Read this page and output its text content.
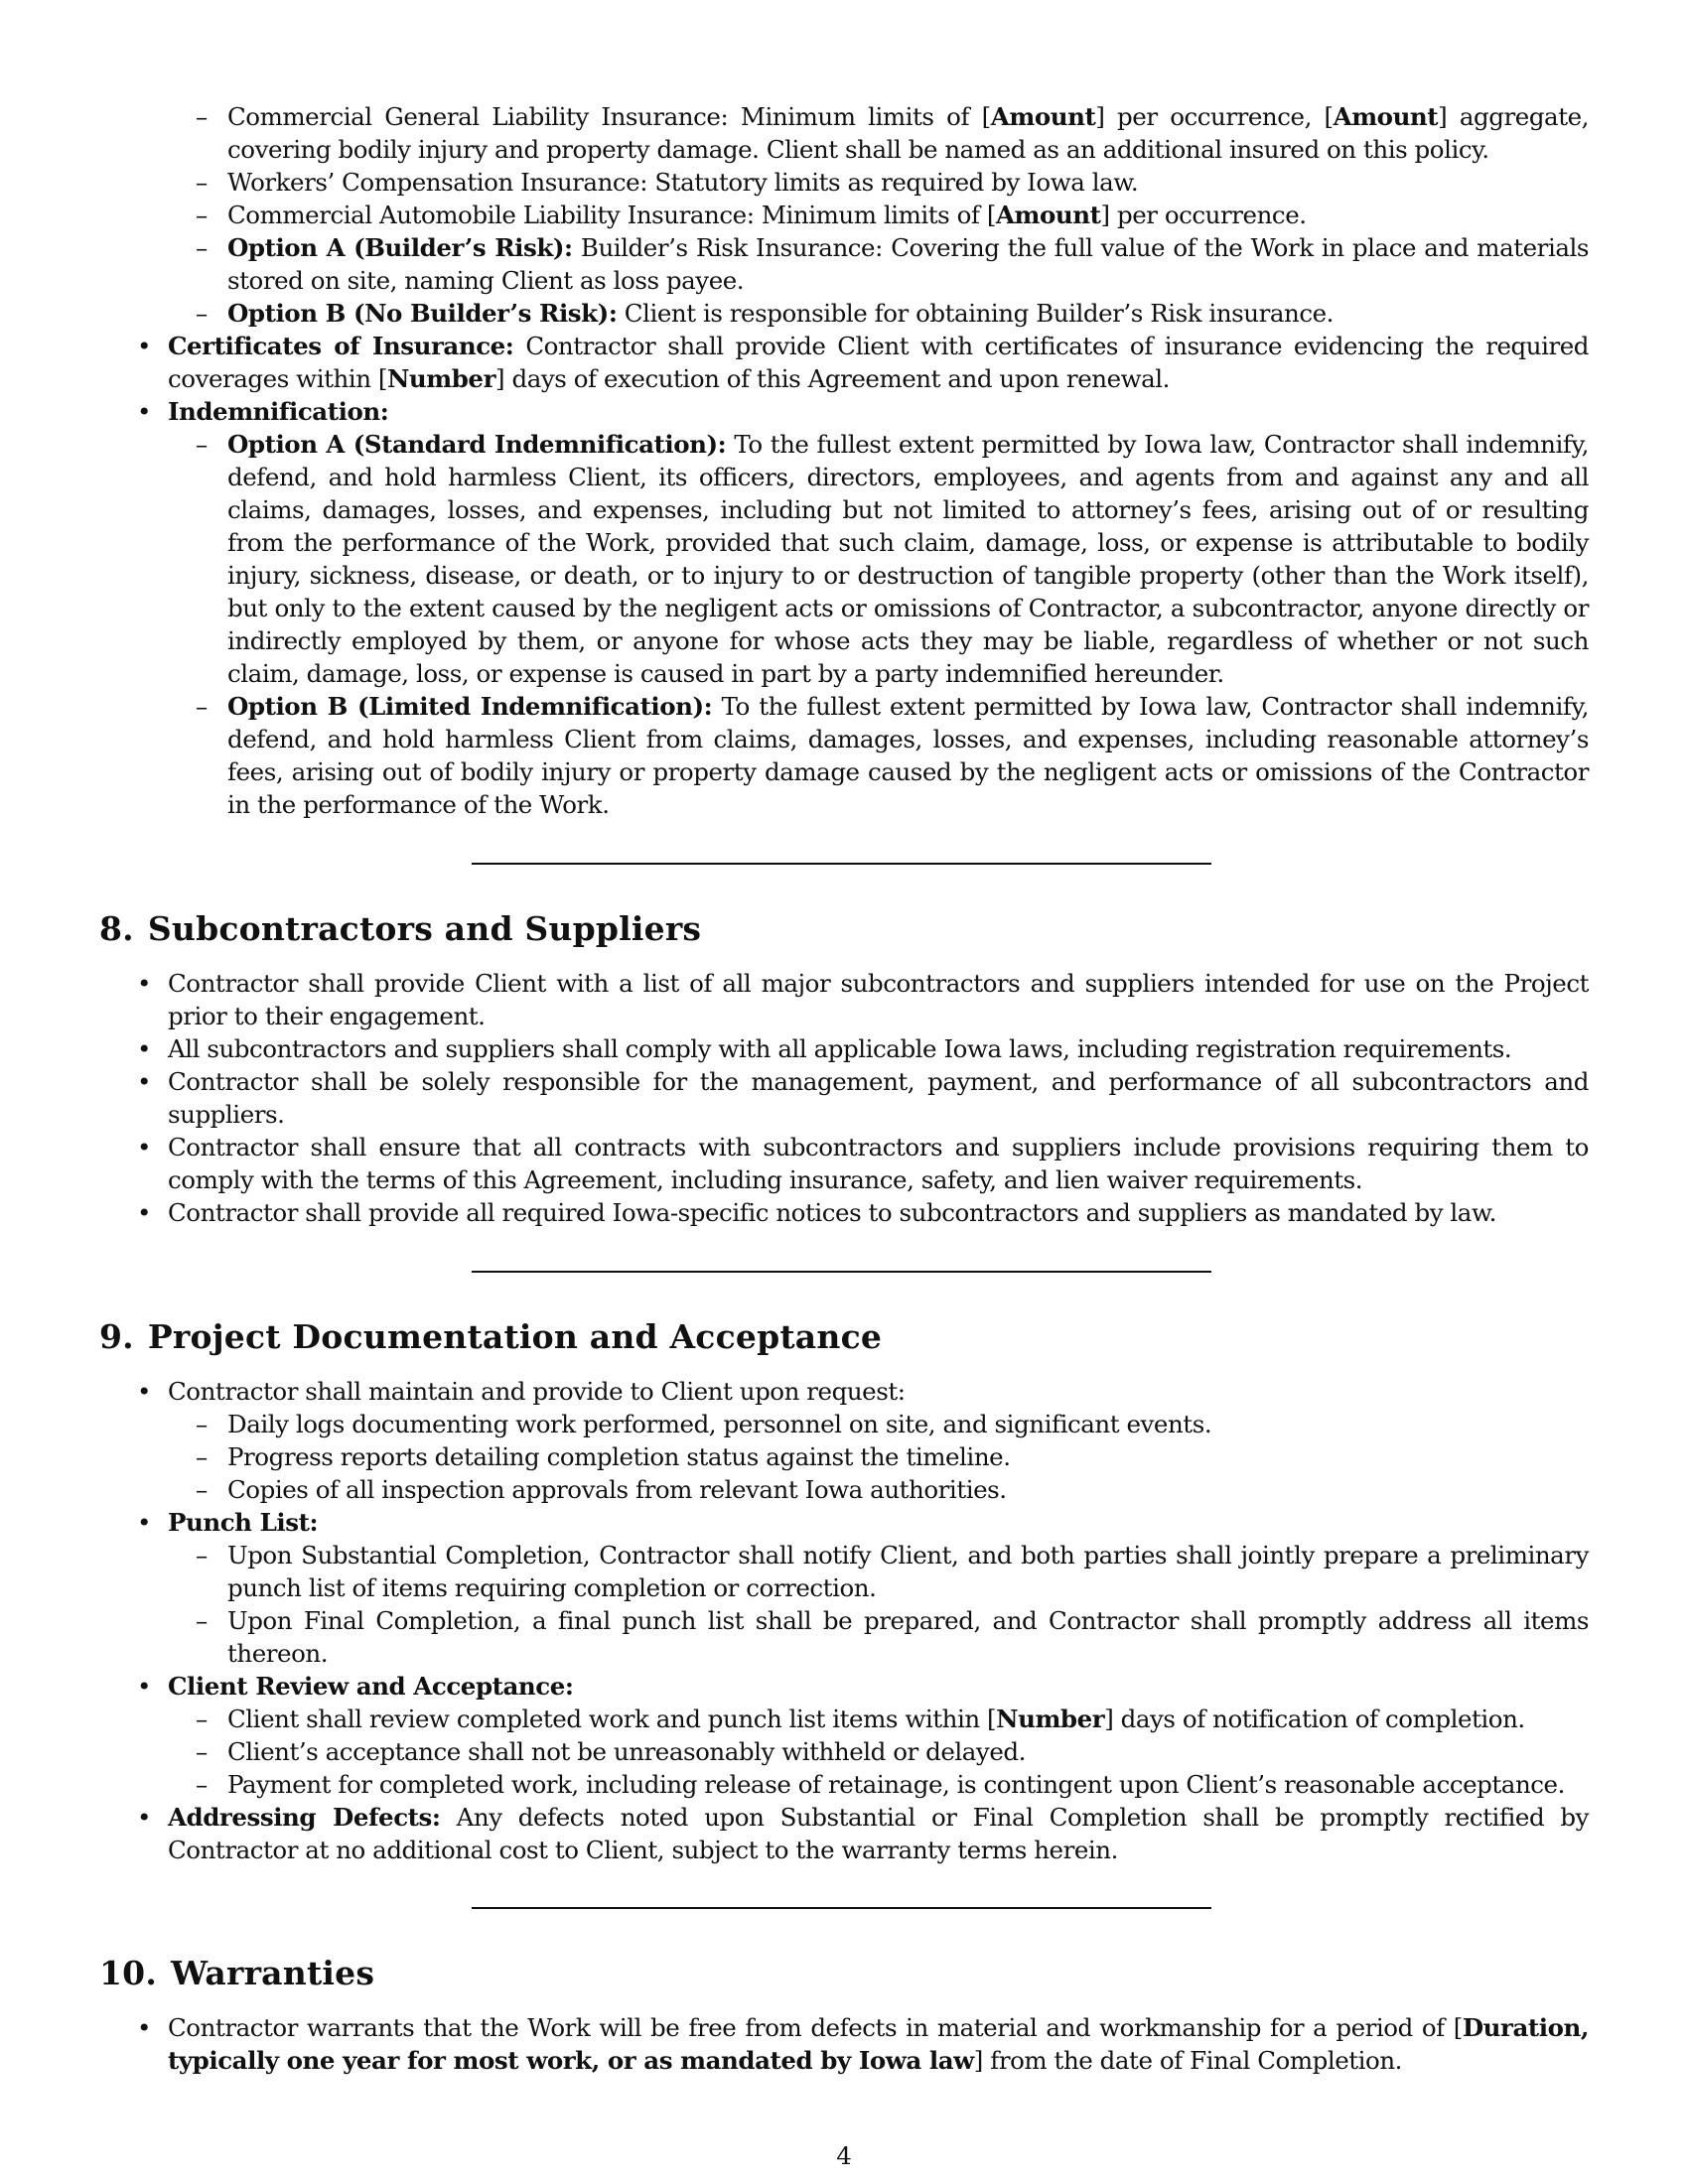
– Commercial General Liability Insurance: Minimum limits of [Amount] per occurrence, [Amount] aggregate, covering bodily injury and property damage. Client shall be named as an additional insured on this policy.
– Workers’ Compensation Insurance: Statutory limits as required by Iowa law.
– Commercial Automobile Liability Insurance: Minimum limits of [Amount] per occurrence.
– Option A (Builder’s Risk): Builder’s Risk Insurance: Covering the full value of the Work in place and materials stored on site, naming Client as loss payee.
– Option B (No Builder’s Risk): Client is responsible for obtaining Builder’s Risk insurance.
• Certificates of Insurance: Contractor shall provide Client with certificates of insurance evidencing the required coverages within [Number] days of execution of this Agreement and upon renewal.
• Indemnification:
– Option A (Standard Indemnification): To the fullest extent permitted by Iowa law, Contractor shall indemnify, defend, and hold harmless Client, its officers, directors, employees, and agents from and against any and all claims, damages, losses, and expenses, including but not limited to attorney’s fees, arising out of or resulting from the performance of the Work, provided that such claim, damage, loss, or expense is attributable to bodily injury, sickness, disease, or death, or to injury to or destruction of tangible property (other than the Work itself), but only to the extent caused by the negligent acts or omissions of Contractor, a subcontractor, anyone directly or indirectly employed by them, or anyone for whose acts they may be liable, regardless of whether or not such claim, damage, loss, or expense is caused in part by a party indemnified hereunder.
– Option B (Limited Indemnification): To the fullest extent permitted by Iowa law, Contractor shall indemnify, defend, and hold harmless Client from claims, damages, losses, and expenses, including reasonable attorney’s fees, arising out of bodily injury or property damage caused by the negligent acts or omissions of the Contractor in the performance of the Work.
8. Subcontractors and Suppliers
• Contractor shall provide Client with a list of all major subcontractors and suppliers intended for use on the Project prior to their engagement.
• All subcontractors and suppliers shall comply with all applicable Iowa laws, including registration requirements.
• Contractor shall be solely responsible for the management, payment, and performance of all subcontractors and suppliers.
• Contractor shall ensure that all contracts with subcontractors and suppliers include provisions requiring them to comply with the terms of this Agreement, including insurance, safety, and lien waiver requirements.
• Contractor shall provide all required Iowa-specific notices to subcontractors and suppliers as mandated by law.
9. Project Documentation and Acceptance
• Contractor shall maintain and provide to Client upon request:
– Daily logs documenting work performed, personnel on site, and significant events.
– Progress reports detailing completion status against the timeline.
– Copies of all inspection approvals from relevant Iowa authorities.
• Punch List:
– Upon Substantial Completion, Contractor shall notify Client, and both parties shall jointly prepare a preliminary punch list of items requiring completion or correction.
– Upon Final Completion, a final punch list shall be prepared, and Contractor shall promptly address all items thereon.
• Client Review and Acceptance:
– Client shall review completed work and punch list items within [Number] days of notification of completion.
– Client’s acceptance shall not be unreasonably withheld or delayed.
– Payment for completed work, including release of retainage, is contingent upon Client’s reasonable acceptance.
• Addressing Defects: Any defects noted upon Substantial or Final Completion shall be promptly rectified by Contractor at no additional cost to Client, subject to the warranty terms herein.
10. Warranties
• Contractor warrants that the Work will be free from defects in material and workmanship for a period of [Duration, typically one year for most work, or as mandated by Iowa law] from the date of Final Completion.
4
